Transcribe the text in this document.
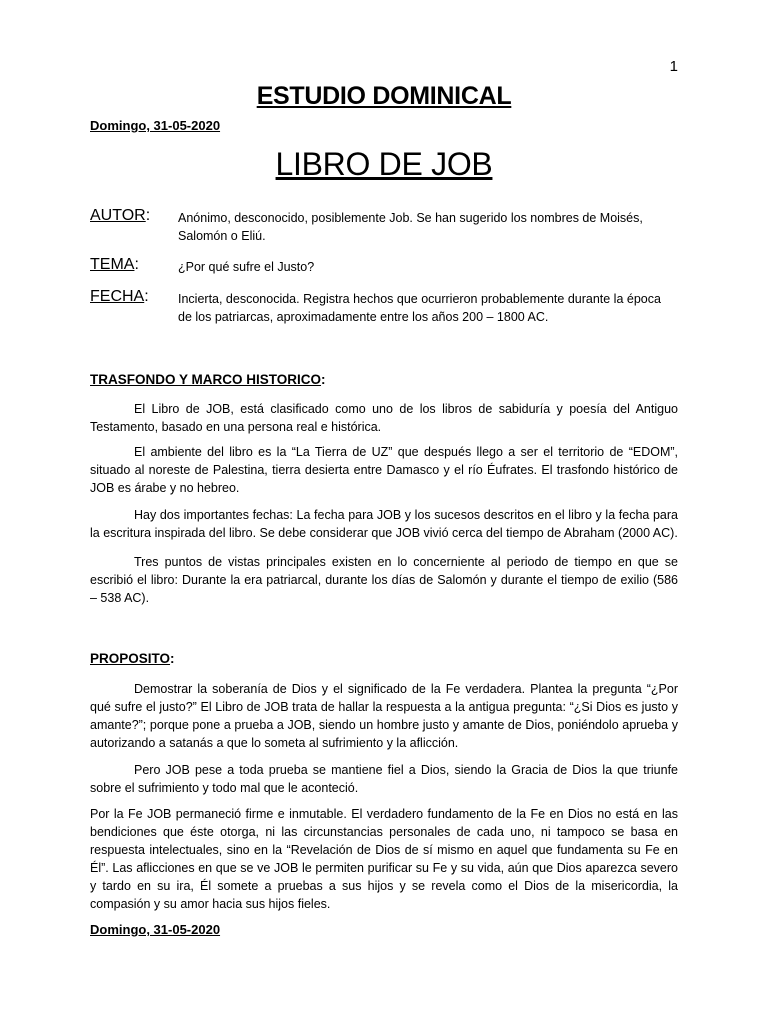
1
ESTUDIO DOMINICAL
Domingo, 31-05-2020
LIBRO DE JOB
AUTOR: Anónimo, desconocido, posiblemente Job. Se han sugerido los nombres de Moisés, Salomón o Eliú.
TEMA:	¿Por qué sufre el Justo?
FECHA: Incierta, desconocida. Registra hechos que ocurrieron probablemente durante la época de los patriarcas, aproximadamente entre los años 200 – 1800 AC.
TRASFONDO Y MARCO HISTORICO:
El Libro de JOB, está clasificado como uno de los libros de sabiduría y poesía del Antiguo Testamento, basado en una persona real e histórica.
El ambiente del libro es la “La Tierra de UZ” que después llego a ser el territorio de “EDOM”, situado al noreste de Palestina, tierra desierta entre Damasco y el río Éufrates. El trasfondo histórico de JOB es árabe y no hebreo.
Hay dos importantes fechas: La fecha para JOB y los sucesos descritos en el libro y la fecha para la escritura inspirada del libro. Se debe considerar que JOB vivió cerca del tiempo de Abraham (2000 AC).
Tres puntos de vistas principales existen en lo concerniente al periodo de tiempo en que se escribió el libro: Durante la era patriarcal, durante los días de Salomón y durante el tiempo de exilio (586 – 538 AC).
PROPOSITO:
Demostrar la soberanía de Dios y el significado de la Fe verdadera. Plantea la pregunta “¿Por qué sufre el justo?” El Libro de JOB trata de hallar la respuesta a la antigua pregunta: “¿Si Dios es justo y amante?”; porque pone a prueba a JOB, siendo un hombre justo y amante de Dios, poniéndolo aprueba y autorizando a satanás a que lo someta al sufrimiento y la aflicción.
Pero JOB pese a toda prueba se mantiene fiel a Dios, siendo la Gracia de Dios la que triunfe sobre el sufrimiento y todo mal que le aconteció.
Por la Fe JOB permaneció firme e inmutable. El verdadero fundamento de la Fe en Dios no está en las bendiciones que éste otorga, ni las circunstancias personales de cada uno, ni tampoco se basa en respuesta intelectuales, sino en la “Revelación de Dios de sí mismo en aquel que fundamenta su Fe en Él”. Las aflicciones en que se ve JOB le permiten purificar su Fe y su vida, aún que Dios aparezca severo y tardo en su ira, Él somete a pruebas a sus hijos y se revela como el Dios de la misericordia, la compasión y su amor hacia sus hijos fieles.
Domingo, 31-05-2020
